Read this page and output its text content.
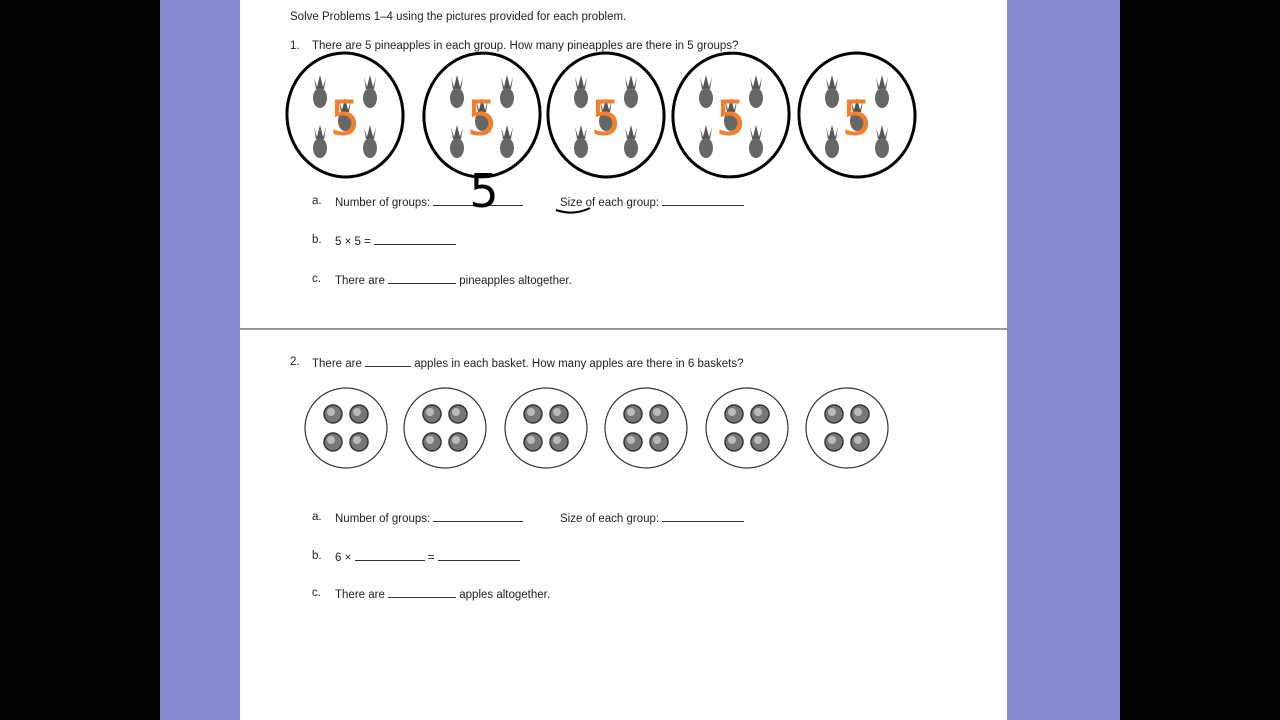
Solve Problems 1–4 using the pictures provided for each problem.
1. There are 5 pineapples in each group. How many pineapples are there in 5 groups?
a. Number of groups:	Size of each group:
b. 5 × 5 =
c. There are	pineapples altogether.
2. There are	apples in each basket. How many apples are there in 6 baskets?
a. Number of groups:	Size of each group:
b. 6 ×	=
c. There are	apples altogether.
5 5 5 5 5
5
